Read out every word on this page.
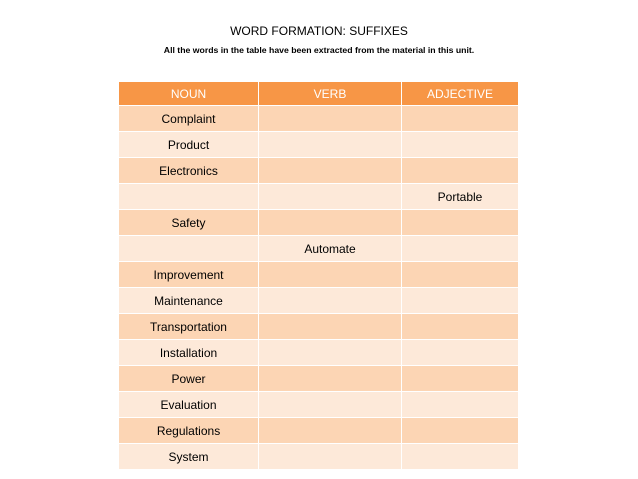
WORD FORMATION: SUFFIXES
All the words in the table have been extracted from the material in this unit.
NOUN	VERB	ADJECTIVE
Complaint		
Product		
Electronics		
		Portable
Safety		
	Automate	
Improvement		
Maintenance		
Transportation		
Installation		
Power		
Evaluation		
Regulations		
System		
